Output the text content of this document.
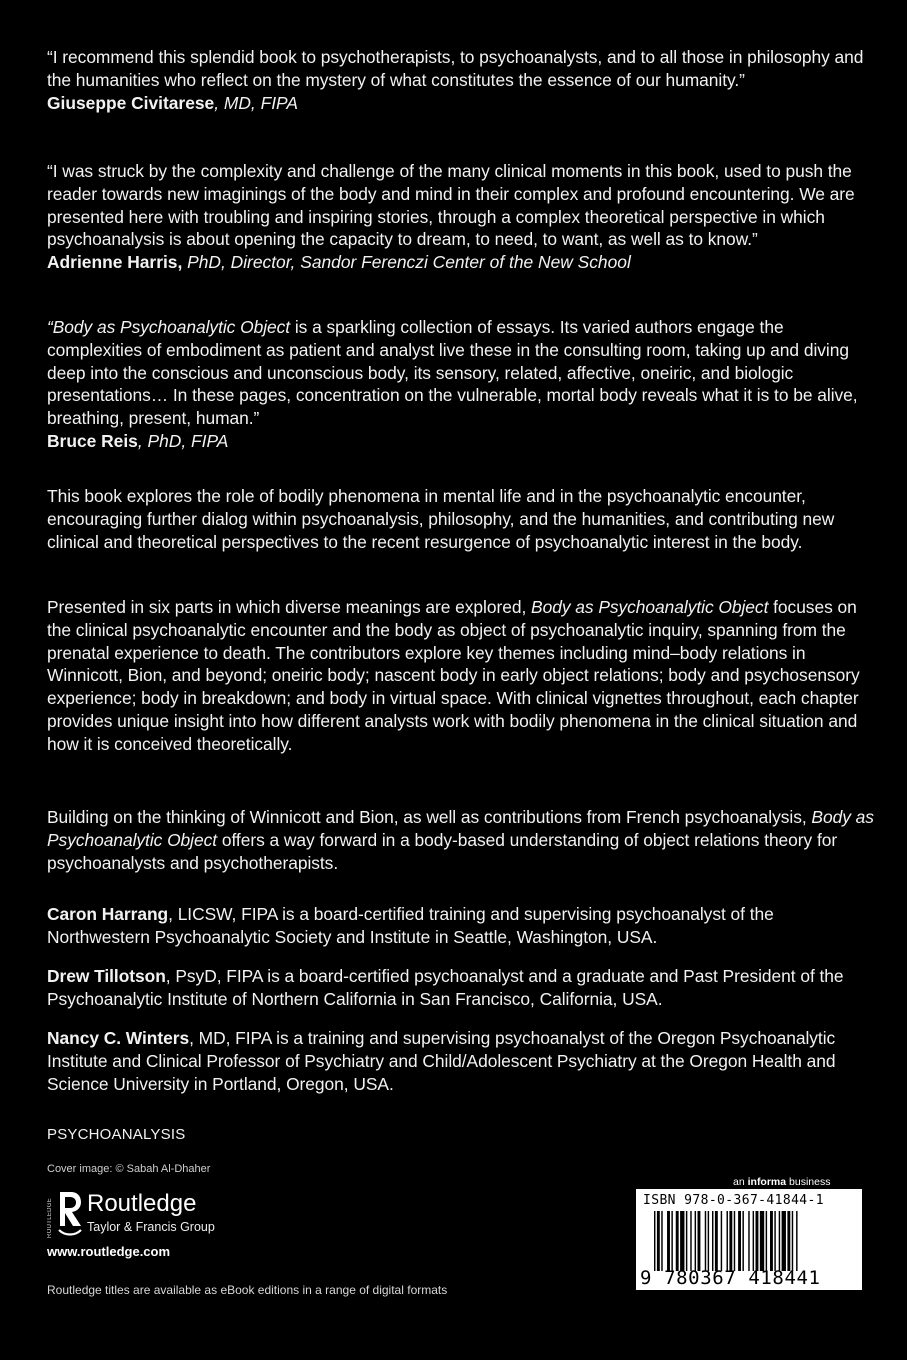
“I recommend this splendid book to psychotherapists, to psychoanalysts, and to all those in philosophy and the humanities who reflect on the mystery of what constitutes the essence of our humanity.”

Giuseppe Civitarese, MD, FIPA

“I was struck by the complexity and challenge of the many clinical moments in this book, used to push the reader towards new imaginings of the body and mind in their complex and profound encountering. We are presented here with troubling and inspiring stories, through a complex theoretical perspective in which psychoanalysis is about opening the capacity to dream, to need, to want, as well as to know.”

Adrienne Harris, PhD, Director, Sandor Ferenczi Center of the New School

“Body as Psychoanalytic Object is a sparkling collection of essays. Its varied authors engage the complexities of embodiment as patient and analyst live these in the consulting room, taking up and diving deep into the conscious and unconscious body, its sensory, related, affective, oneiric, and biologic presentations… In these pages, concentration on the vulnerable, mortal body reveals what it is to be alive, breathing, present, human.”

Bruce Reis, PhD, FIPA

This book explores the role of bodily phenomena in mental life and in the psychoanalytic encounter, encouraging further dialog within psychoanalysis, philosophy, and the humanities, and contributing new clinical and theoretical perspectives to the recent resurgence of psychoanalytic interest in the body.

Presented in six parts in which diverse meanings are explored, Body as Psychoanalytic Object focuses on the clinical psychoanalytic encounter and the body as object of psychoanalytic inquiry, spanning from the prenatal experience to death. The contributors explore key themes including mind–body relations in Winnicott, Bion, and beyond; oneiric body; nascent body in early object relations; body and psychosensory experience; body in breakdown; and body in virtual space. With clinical vignettes throughout, each chapter provides unique insight into how different analysts work with bodily phenomena in the clinical situation and how it is conceived theoretically.

Building on the thinking of Winnicott and Bion, as well as contributions from French psychoanalysis, Body as Psychoanalytic Object offers a way forward in a body-based understanding of object relations theory for psychoanalysts and psychotherapists.

Caron Harrang, LICSW, FIPA is a board-certified training and supervising psychoanalyst of the Northwestern Psychoanalytic Society and Institute in Seattle, Washington, USA.

Drew Tillotson, PsyD, FIPA is a board-certified psychoanalyst and a graduate and Past President of the Psychoanalytic Institute of Northern California in San Francisco, California, USA.

Nancy C. Winters, MD, FIPA is a training and supervising psychoanalyst of the Oregon Psychoanalytic Institute and Clinical Professor of Psychiatry and Child/Adolescent Psychiatry at the Oregon Health and Science University in Portland, Oregon, USA.

PSYCHOANALYSIS
Cover image: © Sabah Al-Dhaher
ROUTLEDGE Routledge
Taylor & Francis Group
www.routledge.com
Routledge titles are available as eBook editions in a range of digital formats
an informa business
ISBN 978-0-367-41844-1
9 780367 418441
